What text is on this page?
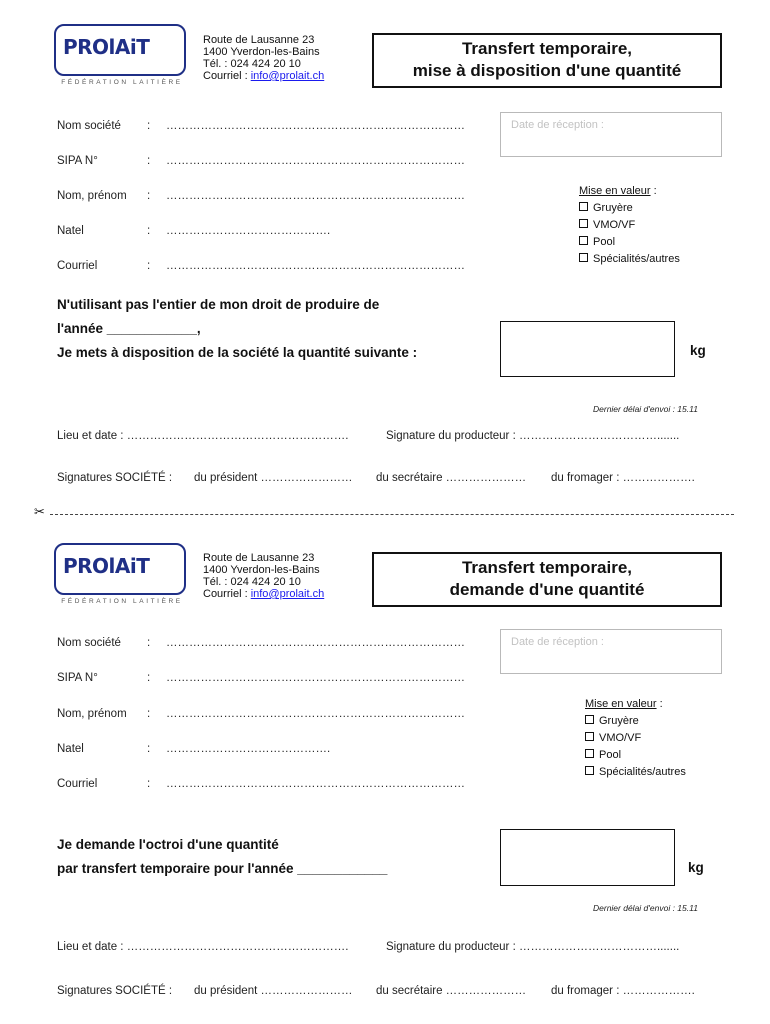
PROlAiT
FÉDÉRATION LAITIÈRE
Route de Lausanne 23
1400 Yverdon-les-Bains
Tél. : 024 424 20 10
Courriel : info@prolait.ch
Transfert temporaire,
mise à disposition d'une quantité
Nom société : ……………………………………………………………………
SIPA N°	: ……………………………………………………………………
Nom, prénom : ……………………………………………………………………
Natel	: …………………………………….
Courriel	: ……………………………………………………………………
Date de réception :
Mise en valeur :
Gruyère
VMO/VF
Pool
Spécialités/autres
N'utilisant pas l'entier de mon droit de produire de
l'année ____________,
Je mets à disposition de la société la quantité suivante :	kg
Dernier délai d'envoi : 15.11
Lieu et date : ………………………………………………….	Signature du producteur : ……………………………….......
Signatures SOCIÉTÉ : du président …………………… du secrétaire ………………… du fromager : ……………….
✂
PROlAiT
FÉDÉRATION LAITIÈRE
Route de Lausanne 23
1400 Yverdon-les-Bains
Tél. : 024 424 20 10
Courriel : info@prolait.ch
Transfert temporaire,
demande d'une quantité
Nom société : ……………………………………………………………………
SIPA N°	: ……………………………………………………………………
Nom, prénom : ……………………………………………………………………
Natel	: …………………………………….
Courriel	: ……………………………………………………………………
Date de réception :
Mise en valeur :
Gruyère
VMO/VF
Pool
Spécialités/autres
Je demande l'octroi d'une quantité
par transfert temporaire pour l'année ____________	kg
Dernier délai d'envoi : 15.11
Lieu et date : ………………………………………………….	Signature du producteur : ……………………………….......
Signatures SOCIÉTÉ : du président …………………… du secrétaire ………………… du fromager : ……………….
